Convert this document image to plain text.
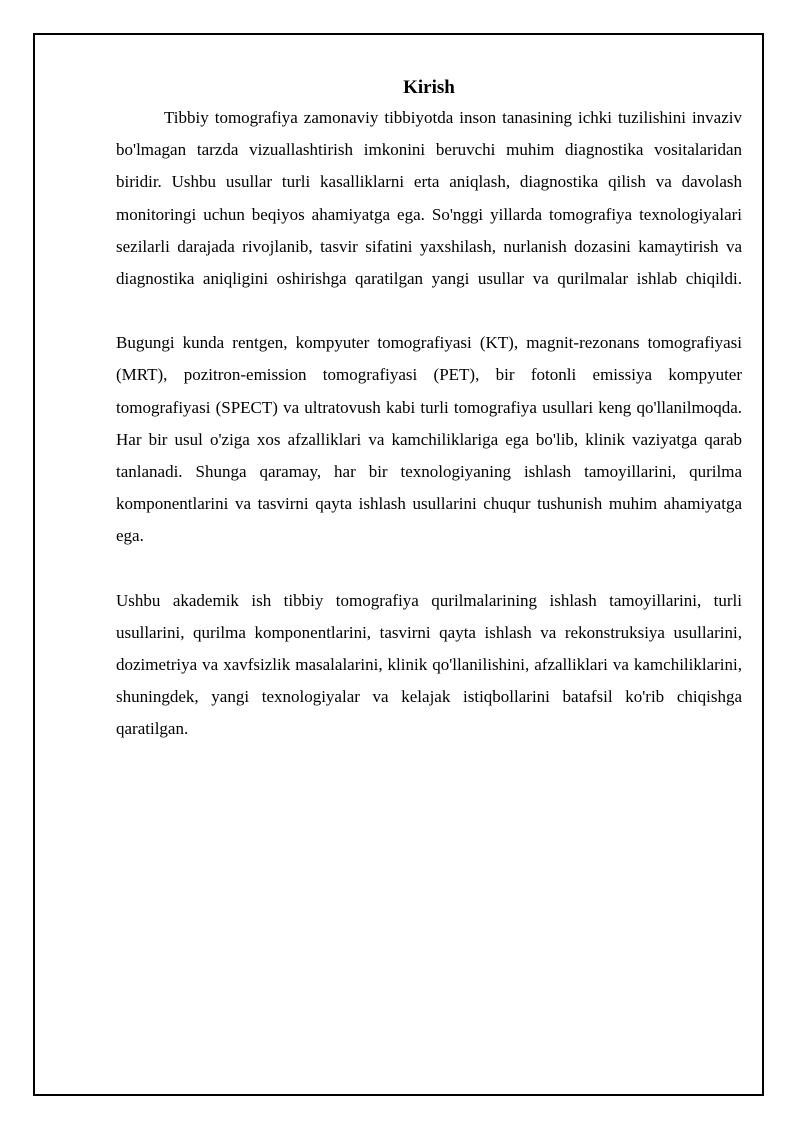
Kirish

Tibbiy tomografiya zamonaviy tibbiyotda inson tanasining ichki tuzilishini invaziv bo'lmagan tarzda vizuallashtirish imkonini beruvchi muhim diagnostika vositalaridan biridir. Ushbu usullar turli kasalliklarni erta aniqlash, diagnostika qilish va davolash monitoringi uchun beqiyos ahamiyatga ega. So'nggi yillarda tomografiya texnologiyalari sezilarli darajada rivojlanib, tasvir sifatini yaxshilash, nurlanish dozasini kamaytirish va diagnostika aniqligini oshirishga qaratilgan yangi usullar va qurilmalar ishlab chiqildi.

Bugungi kunda rentgen, kompyuter tomografiyasi (KT), magnit-rezonans tomografiyasi (MRT), pozitron-emission tomografiyasi (PET), bir fotonli emissiya kompyuter tomografiyasi (SPECT) va ultratovush kabi turli tomografiya usullari keng qo'llanilmoqda. Har bir usul o'ziga xos afzalliklari va kamchiliklariga ega bo'lib, klinik vaziyatga qarab tanlanadi. Shunga qaramay, har bir texnologiyaning ishlash tamoyillarini, qurilma komponentlarini va tasvirni qayta ishlash usullarini chuqur tushunish muhim ahamiyatga ega.

Ushbu akademik ish tibbiy tomografiya qurilmalarining ishlash tamoyillarini, turli usullarini, qurilma komponentlarini, tasvirni qayta ishlash va rekonstruksiya usullarini, dozimetriya va xavfsizlik masalalarini, klinik qo'llanilishini, afzalliklari va kamchiliklarini, shuningdek, yangi texnologiyalar va kelajak istiqbollarini batafsil ko'rib chiqishga qaratilgan.
